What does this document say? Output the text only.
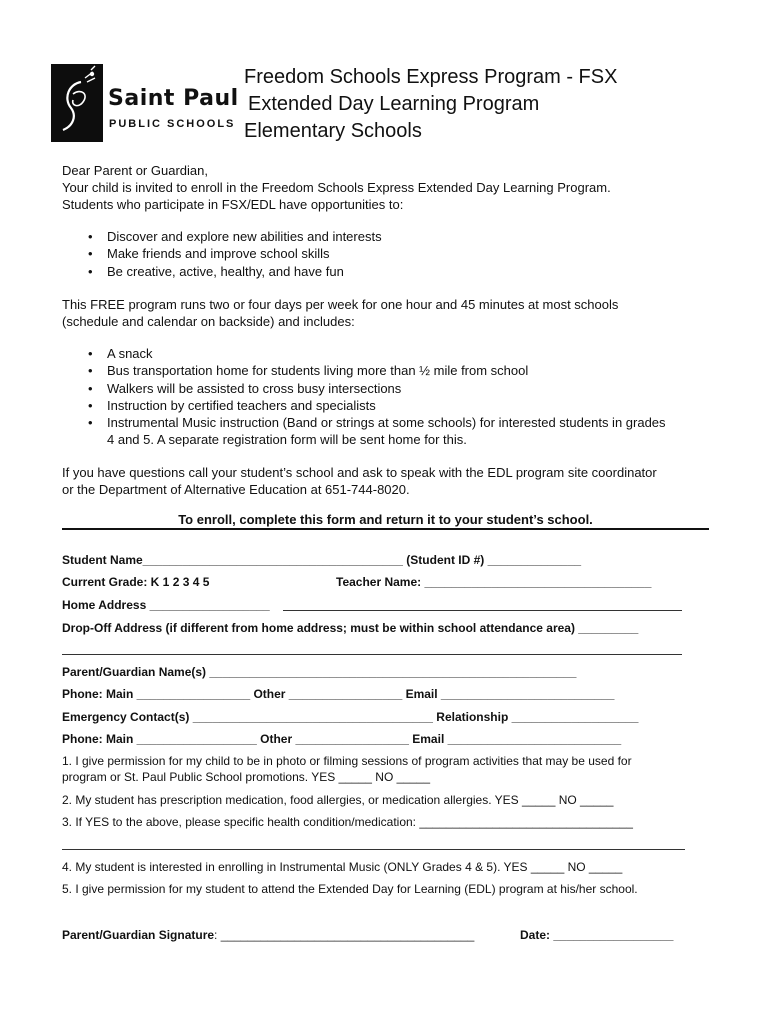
Saint Paul
PUBLIC SCHOOLS
Freedom Schools Express Program - FSX
Extended Day Learning Program
Elementary Schools
Dear Parent or Guardian,
Your child is invited to enroll in the Freedom Schools Express Extended Day Learning Program.
Students who participate in FSX/EDL have opportunities to:
• Discover and explore new abilities and interests
• Make friends and improve school skills
• Be creative, active, healthy, and have fun
This FREE program runs two or four days per week for one hour and 45 minutes at most schools
(schedule and calendar on backside) and includes:
• A snack
• Bus transportation home for students living more than ½ mile from school
• Walkers will be assisted to cross busy intersections
• Instruction by certified teachers and specialists
• Instrumental Music instruction (Band or strings at some schools) for interested students in grades
4 and 5. A separate registration form will be sent home for this.
If you have questions call your student’s school and ask to speak with the EDL program site coordinator
or the Department of Alternative Education at 651-744-8020.
To enroll, complete this form and return it to your student’s school.
Student Name_______________________________________ (Student ID #) ______________
Current Grade: K 1 2 3 4 5	Teacher Name: __________________________________
Home Address __________________
Drop-Off Address (if different from home address; must be within school attendance area) _________
Parent/Guardian Name(s) _______________________________________________________
Phone: Main _________________ Other _________________ Email __________________________
Emergency Contact(s) ____________________________________ Relationship ___________________
Phone: Main __________________ Other _________________ Email __________________________
1. I give permission for my child to be in photo or filming sessions of program activities that may be used for
program or St. Paul Public School promotions. YES _____ NO _____
2. My student has prescription medication, food allergies, or medication allergies. YES _____ NO _____
3. If YES to the above, please specific health condition/medication: ________________________________
4. My student is interested in enrolling in Instrumental Music (ONLY Grades 4 & 5). YES _____ NO _____
5. I give permission for my student to attend the Extended Day for Learning (EDL) program at his/her school.
Parent/Guardian Signature: ______________________________________	Date: __________________
